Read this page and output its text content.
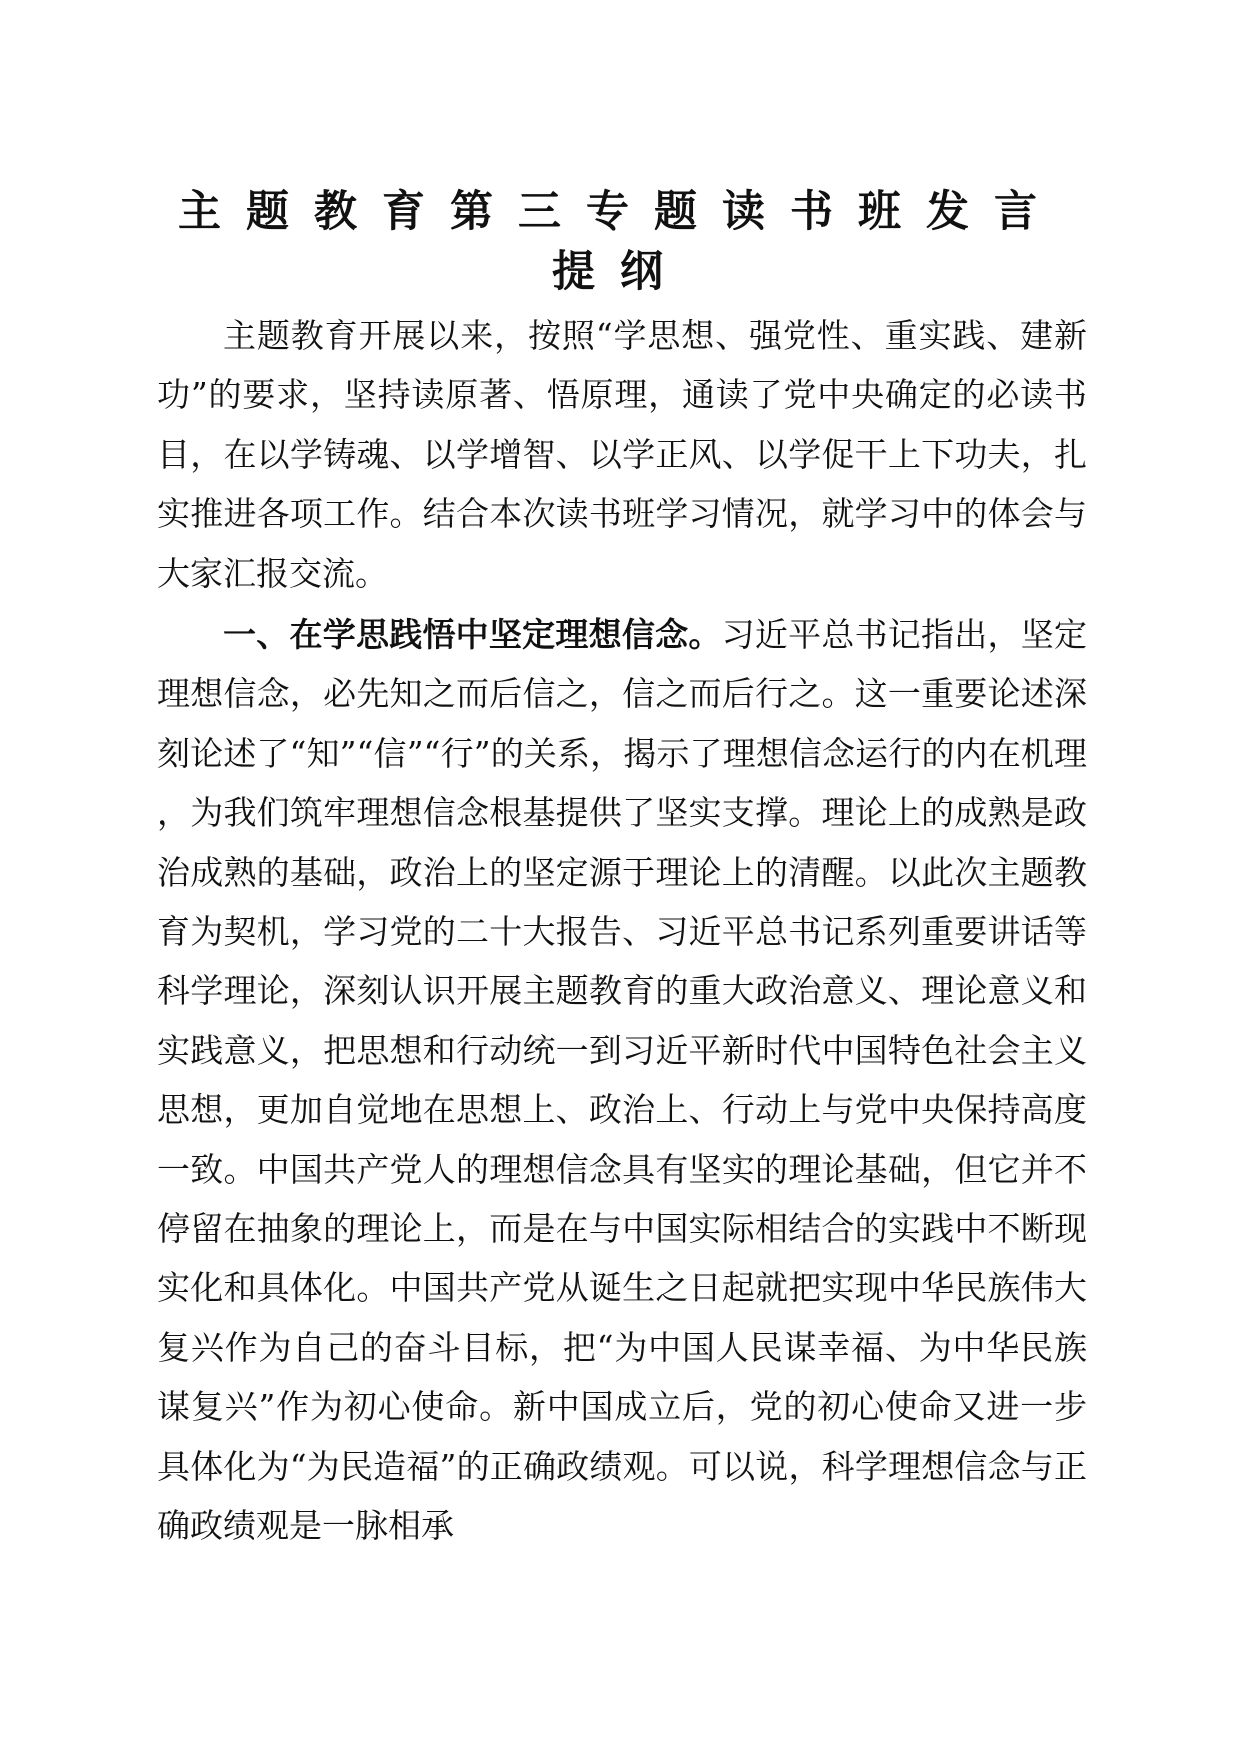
主题教育第三专题读书班发言
提纲

主题教育开展以来，按照“学思想、强党性、重实践、建新功”的要求，坚持读原著、悟原理，通读了党中央确定的必读书目，在以学铸魂、以学增智、以学正风、以学促干上下功夫，扎实推进各项工作。结合本次读书班学习情况，就学习中的体会与大家汇报交流。

一、在学思践悟中坚定理想信念。习近平总书记指出，坚定理想信念，必先知之而后信之，信之而后行之。这一重要论述深刻论述了“知”“信”“行”的关系，揭示了理想信念运行的内在机理，为我们筑牢理想信念根基提供了坚实支撑。理论上的成熟是政治成熟的基础，政治上的坚定源于理论上的清醒。以此次主题教育为契机，学习党的二十大报告、习近平总书记系列重要讲话等科学理论，深刻认识开展主题教育的重大政治意义、理论意义和实践意义，把思想和行动统一到习近平新时代中国特色社会主义思想，更加自觉地在思想上、政治上、行动上与党中央保持高度一致。中国共产党人的理想信念具有坚实的理论基础，但它并不停留在抽象的理论上，而是在与中国实际相结合的实践中不断现实化和具体化。中国共产党从诞生之日起就把实现中华民族伟大复兴作为自己的奋斗目标，把“为中国人民谋幸福、为中华民族谋复兴”作为初心使命。新中国成立后，党的初心使命又进一步具体化为“为民造福”的正确政绩观。可以说，科学理想信念与正确政绩观是一脉相承
